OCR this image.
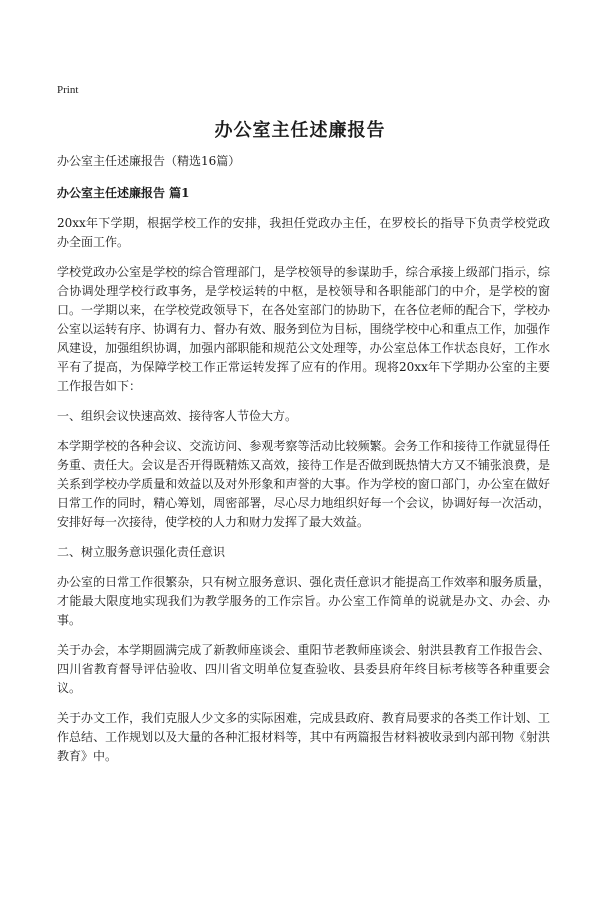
Print
办公室主任述廉报告

办公室主任述廉报告（精选16篇）

办公室主任述廉报告 篇1

20xx年下学期，根据学校工作的安排，我担任党政办主任，在罗校长的指导下负责学校党政办全面工作。

学校党政办公室是学校的综合管理部门，是学校领导的参谋助手，综合承接上级部门指示，综合协调处理学校行政事务，是学校运转的中枢，是校领导和各职能部门的中介，是学校的窗口。一学期以来，在学校党政领导下，在各处室部门的协助下，在各位老师的配合下，学校办公室以运转有序、协调有力、督办有效、服务到位为目标，围绕学校中心和重点工作，加强作风建设，加强组织协调，加强内部职能和规范公文处理等，办公室总体工作状态良好，工作水平有了提高，为保障学校工作正常运转发挥了应有的作用。现将20xx年下学期办公室的主要工作报告如下：

一、组织会议快速高效、接待客人节俭大方。

本学期学校的各种会议、交流访问、参观考察等活动比较频繁。会务工作和接待工作就显得任务重、责任大。会议是否开得既精炼又高效，接待工作是否做到既热情大方又不铺张浪费，是关系到学校办学质量和效益以及对外形象和声誉的大事。作为学校的窗口部门，办公室在做好日常工作的同时，精心筹划，周密部署，尽心尽力地组织好每一个会议，协调好每一次活动，安排好每一次接待，使学校的人力和财力发挥了最大效益。

二、树立服务意识强化责任意识

办公室的日常工作很繁杂，只有树立服务意识、强化责任意识才能提高工作效率和服务质量，才能最大限度地实现我们为教学服务的工作宗旨。办公室工作简单的说就是办文、办会、办事。

关于办会，本学期圆满完成了新教师座谈会、重阳节老教师座谈会、射洪县教育工作报告会、四川省教育督导评估验收、四川省文明单位复查验收、县委县府年终目标考核等各种重要会议。

关于办文工作，我们克服人少文多的实际困难，完成县政府、教育局要求的各类工作计划、工作总结、工作规划以及大量的各种汇报材料等，其中有两篇报告材料被收录到内部刊物《射洪教育》中。
